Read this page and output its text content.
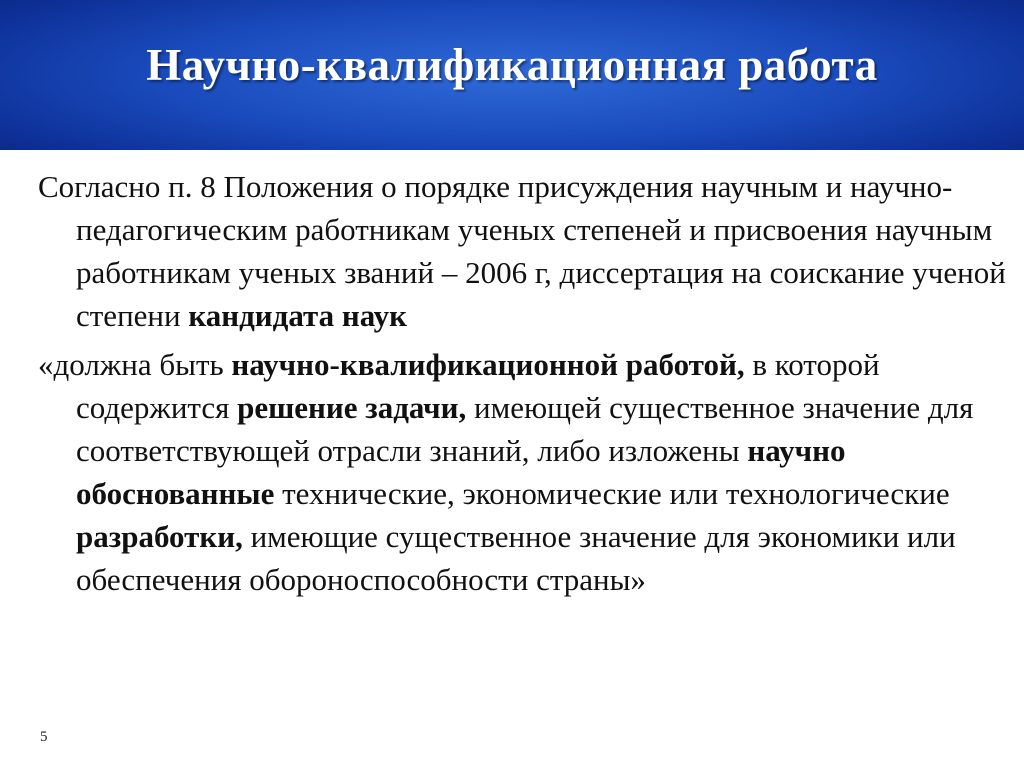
Научно-квалификационная работа

Согласно п. 8 Положения о порядке присуждения научным и научно-педагогическим работникам ученых степеней и присвоения научным работникам ученых званий – 2006 г, диссертация на соискание ученой степени кандидата наук

«должна быть научно-квалификационной работой, в которой содержится решение задачи, имеющей существенное значение для соответствующей отрасли знаний, либо изложены научно обоснованные технические, экономические или технологические разработки, имеющие существенное значение для экономики или обеспечения обороноспособности страны»

5
